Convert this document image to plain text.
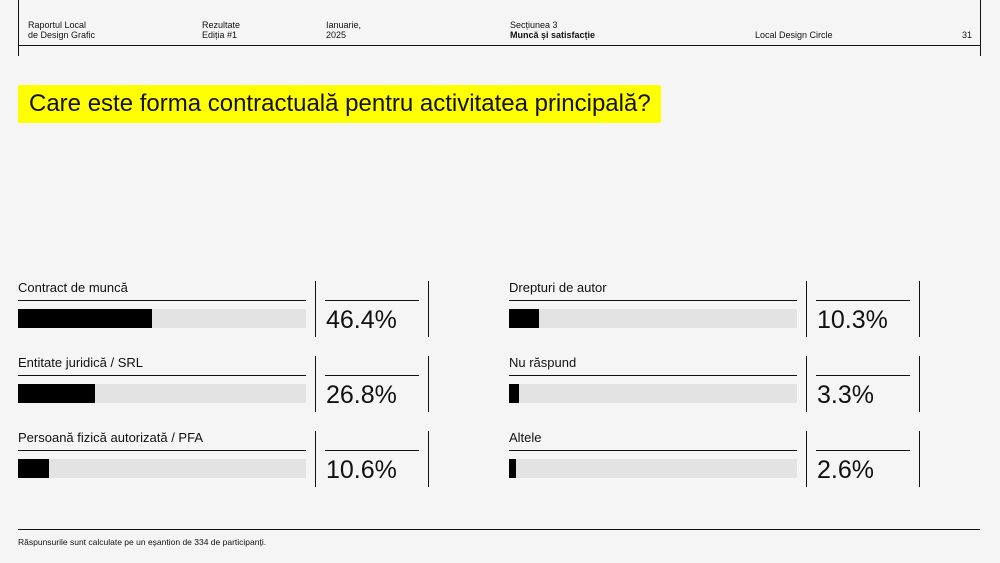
Raportul Local
de Design Grafic
Rezultate
Ediția #1
Ianuarie,
2025
Secțiunea 3
Muncă și satisfacție	Local Design Circle	31
Care este forma contractuală pentru activitatea principală?
Contract de muncă
46.4%
Entitate juridică / SRL
26.8%
Persoană fizică autorizată / PFA
10.6%
Drepturi de autor
10.3%
Nu răspund
3.3%
Altele
2.6%
Răspunsurile sunt calculate pe un eșantion de 334 de participanți.
